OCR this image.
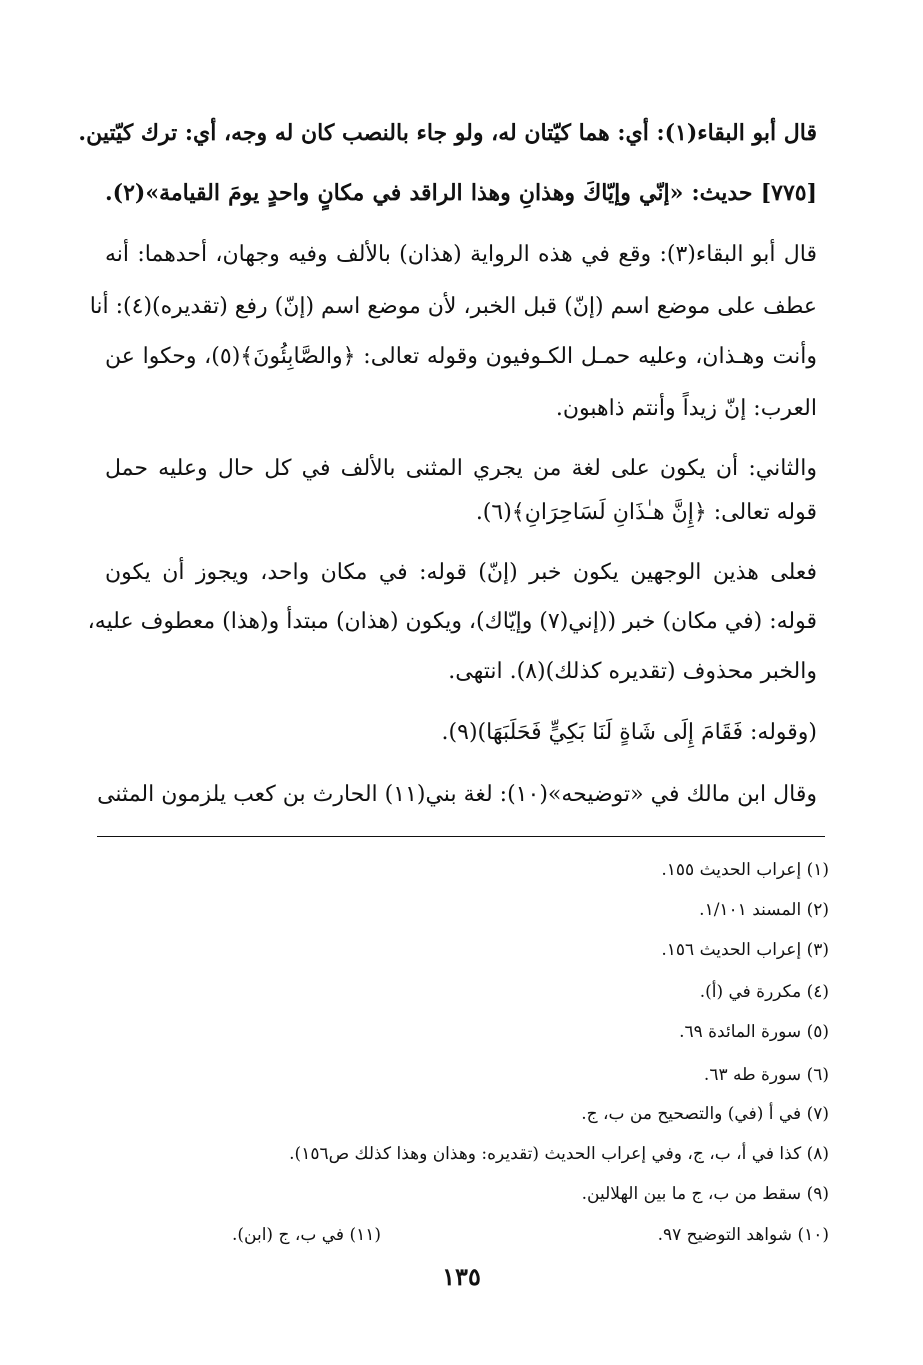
قال أبو البقاء(١): أي: هما كيّتان له، ولو جاء بالنصب كان له وجه، أي: ترك كيّتين.
[٧٧٥] حديث: «إنّي وإيّاكَ وهذانِ وهذا الراقد في مكانٍ واحدٍ يومَ القيامة»(٢).
قال أبو البقاء(٣): وقع في هذه الرواية (هذان) بالألف وفيه وجهان، أحدهما: أنه
عطف على موضع اسم (إنّ) قبل الخبر، لأن موضع اسم (إنّ) رفع (تقديره)(٤): أنا
وأنت وهـذان، وعليه حمـل الكـوفيون وقوله تعالى: ﴿والصَّابِئُونَ﴾(٥)، وحكوا عن
العرب: إنّ زيداً وأنتم ذاهبون.
والثاني: أن يكون على لغة من يجري المثنى بالألف في كل حال وعليه حمل
قوله تعالى: ﴿إِنَّ هـٰذَانِ لَسَاحِرَانِ﴾(٦).
فعلى هذين الوجهين يكون خبر (إنّ) قوله: في مكان واحد، ويجوز أن يكون
قوله: (في مكان) خبر ((إني(٧) وإيّاك)، ويكون (هذان) مبتدأ و(هذا) معطوف عليه،
والخبر محذوف (تقديره كذلك)(٨). انتهى.
(وقوله: فَقَامَ إِلَى شَاةٍ لَنَا بَكِيٍّ فَحَلَبَهَا)(٩).
وقال ابن مالك في «توضيحه»(١٠): لغة بني(١١) الحارث بن كعب يلزمون المثنى
(١) إعراب الحديث ١٥٥.
(٢) المسند ١/١٠١.
(٣) إعراب الحديث ١٥٦.
(٤) مكررة في (أ).
(٥) سورة المائدة ٦٩.
(٦) سورة طه ٦٣.
(٧) في أ (في) والتصحيح من ب، ج.
(٨) كذا في أ، ب، ج، وفي إعراب الحديث (تقديره: وهذان وهذا كذلك ص١٥٦).
(٩) سقط من ب، ج ما بين الهلالين.
(١٠) شواهد التوضيح ٩٧.
(١١) في ب، ج (ابن).
١٣٥
